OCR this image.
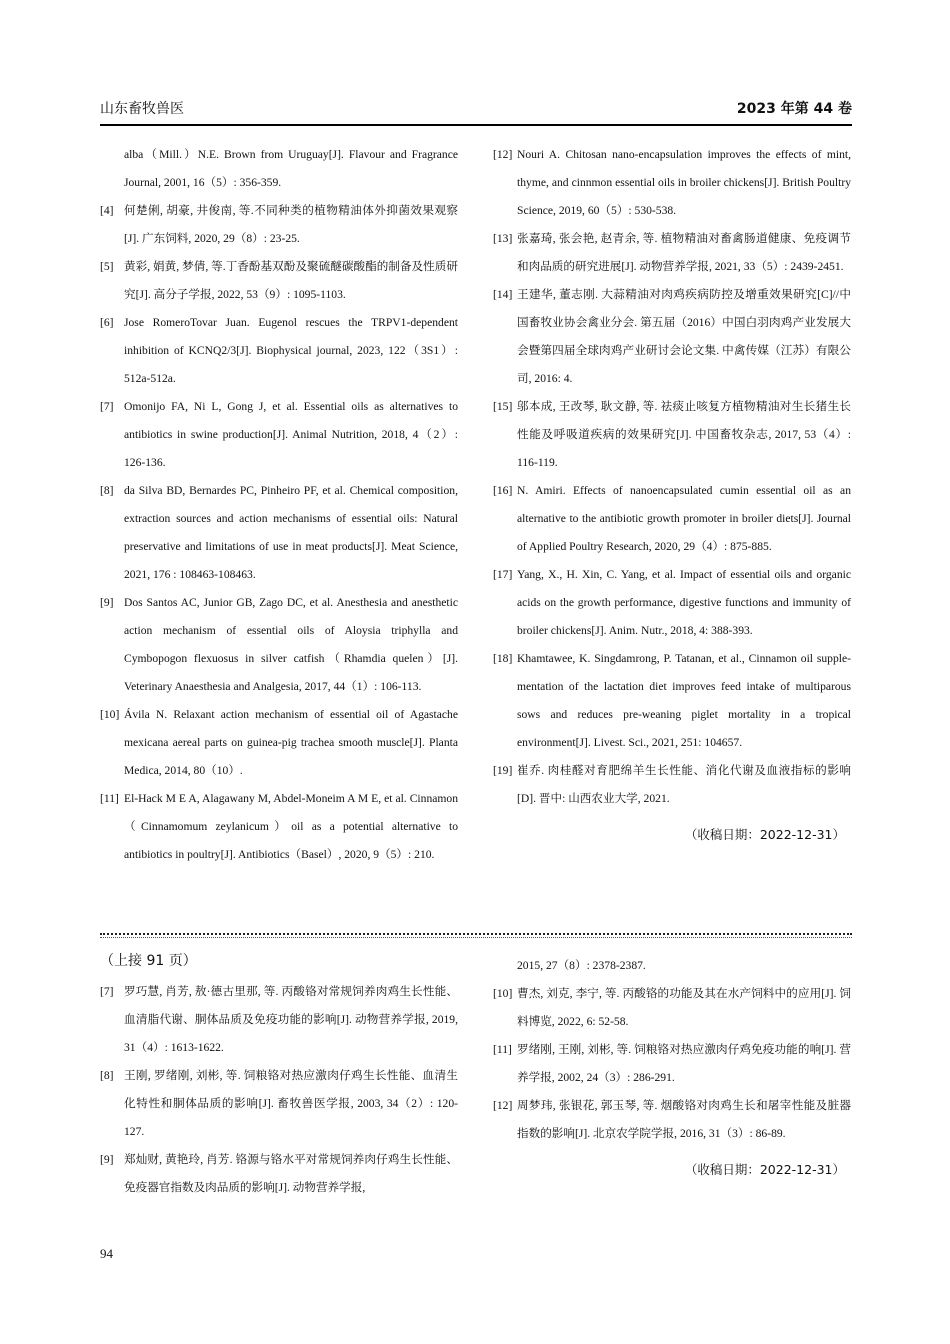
山东畜牧兽医	2023 年第 44 卷
alba（Mill.）N.E. Brown from Uruguay[J]. Flavour and Fragrance Journal, 2001, 16（5）: 356-359.
[4] 何楚俐, 胡豪, 井俊南, 等.不同种类的植物精油体外抑菌效果观察[J]. 广东饲料, 2020, 29（8）: 23-25.
[5] 黄彩, 娟黄, 梦倩, 等.丁香酚基双酚及聚硫醚碳酸酯的制备及性质研究[J]. 高分子学报, 2022, 53（9）: 1095-1103.
[6] Jose RomeroTovar Juan. Eugenol rescues the TRPV1-dependent inhibition of KCNQ2/3[J]. Biophysical journal, 2023, 122（3S1）: 512a-512a.
[7] Omonijo FA, Ni L, Gong J, et al. Essential oils as alternatives to antibiotics in swine production[J]. Animal Nutrition, 2018, 4（2）: 126-136.
[8] da Silva BD, Bernardes PC, Pinheiro PF, et al. Chemical composition, extraction sources and action mechanisms of essential oils: Natural preservative and limitations of use in meat products[J]. Meat Science, 2021, 176 : 108463-108463.
[9] Dos Santos AC, Junior GB, Zago DC, et al. Anesthesia and anesthetic action mechanism of essential oils of Aloysia triphylla and Cymbopogon flexuosus in silver catfish（Rhamdia quelen）[J]. Veterinary Anaesthesia and Analgesia, 2017, 44（1）: 106-113.
[10] Ávila N. Relaxant action mechanism of essential oil of Agastache mexicana aereal parts on guinea-pig trachea smooth muscle[J]. Planta Medica, 2014, 80（10）.
[11] El-Hack M E A, Alagawany M, Abdel-Moneim A M E, et al. Cinnamon（Cinnamomum zeylanicum）oil as a potential alternative to antibiotics in poultry[J]. Antibiotics（Basel）, 2020, 9（5）: 210.
[12] Nouri A. Chitosan nano-encapsulation improves the effects of mint, thyme, and cinnmon essential oils in broiler chickens[J]. British Poultry Science, 2019, 60（5）: 530-538.
[13] 张嘉琦, 张会艳, 赵青余, 等. 植物精油对畜禽肠道健康、免疫调节和肉品质的研究进展[J]. 动物营养学报, 2021, 33（5）: 2439-2451.
[14] 王建华, 董志刚. 大蒜精油对肉鸡疾病防控及增重效果研究[C]//中国畜牧业协会禽业分会. 第五届（2016）中国白羽肉鸡产业发展大会暨第四届全球肉鸡产业研讨会论文集. 中禽传媒（江苏）有限公司, 2016: 4.
[15] 邬本成, 王改琴, 耿文静, 等. 祛痰止咳复方植物精油对生长猪生长性能及呼吸道疾病的效果研究[J]. 中国畜牧杂志, 2017, 53（4）: 116-119.
[16] N. Amiri. Effects of nanoencapsulated cumin essential oil as an alternative to the antibiotic growth promoter in broiler diets[J]. Journal of Applied Poultry Research, 2020, 29（4）: 875-885.
[17] Yang, X., H. Xin, C. Yang, et al. Impact of essential oils and organic acids on the growth performance, digestive functions and immunity of broiler chickens[J]. Anim. Nutr., 2018, 4: 388-393.
[18] Khamtawee, K. Singdamrong, P. Tatanan, et al., Cinnamon oil supple-mentation of the lactation diet improves feed intake of multiparous sows and reduces pre-weaning piglet mortality in a tropical environment[J]. Livest. Sci., 2021, 251: 104657.
[19] 崔乔. 肉桂醛对育肥绵羊生长性能、消化代谢及血液指标的影响[D]. 晋中: 山西农业大学, 2021.
（收稿日期：2022-12-31）
（上接 91 页）
[7] 罗巧慧, 肖芳, 敖·德古里那, 等. 丙酸铬对常规饲养肉鸡生长性能、血清脂代谢、胴体品质及免疫功能的影响[J]. 动物营养学报, 2019, 31（4）: 1613-1622.
[8] 王刚, 罗绪刚, 刘彬, 等. 饲粮铬对热应激肉仔鸡生长性能、血清生化特性和胴体品质的影响[J]. 畜牧兽医学报, 2003, 34（2）: 120-127.
[9] 郑灿财, 黄艳玲, 肖芳. 铬源与铬水平对常规饲养肉仔鸡生长性能、免疫器官指数及肉品质的影响[J]. 动物营养学报,
2015, 27（8）: 2378-2387.
[10] 曹杰, 刘克, 李宁, 等. 丙酸铬的功能及其在水产饲料中的应用[J]. 饲料博览, 2022, 6: 52-58.
[11] 罗绪刚, 王刚, 刘彬, 等. 饲粮铬对热应激肉仔鸡免疫功能的响[J]. 营养学报, 2002, 24（3）: 286-291.
[12] 周梦玮, 张银花, 郭玉琴, 等. 烟酸铬对肉鸡生长和屠宰性能及脏器指数的影响[J]. 北京农学院学报, 2016, 31（3）: 86-89.
（收稿日期：2022-12-31）
94
